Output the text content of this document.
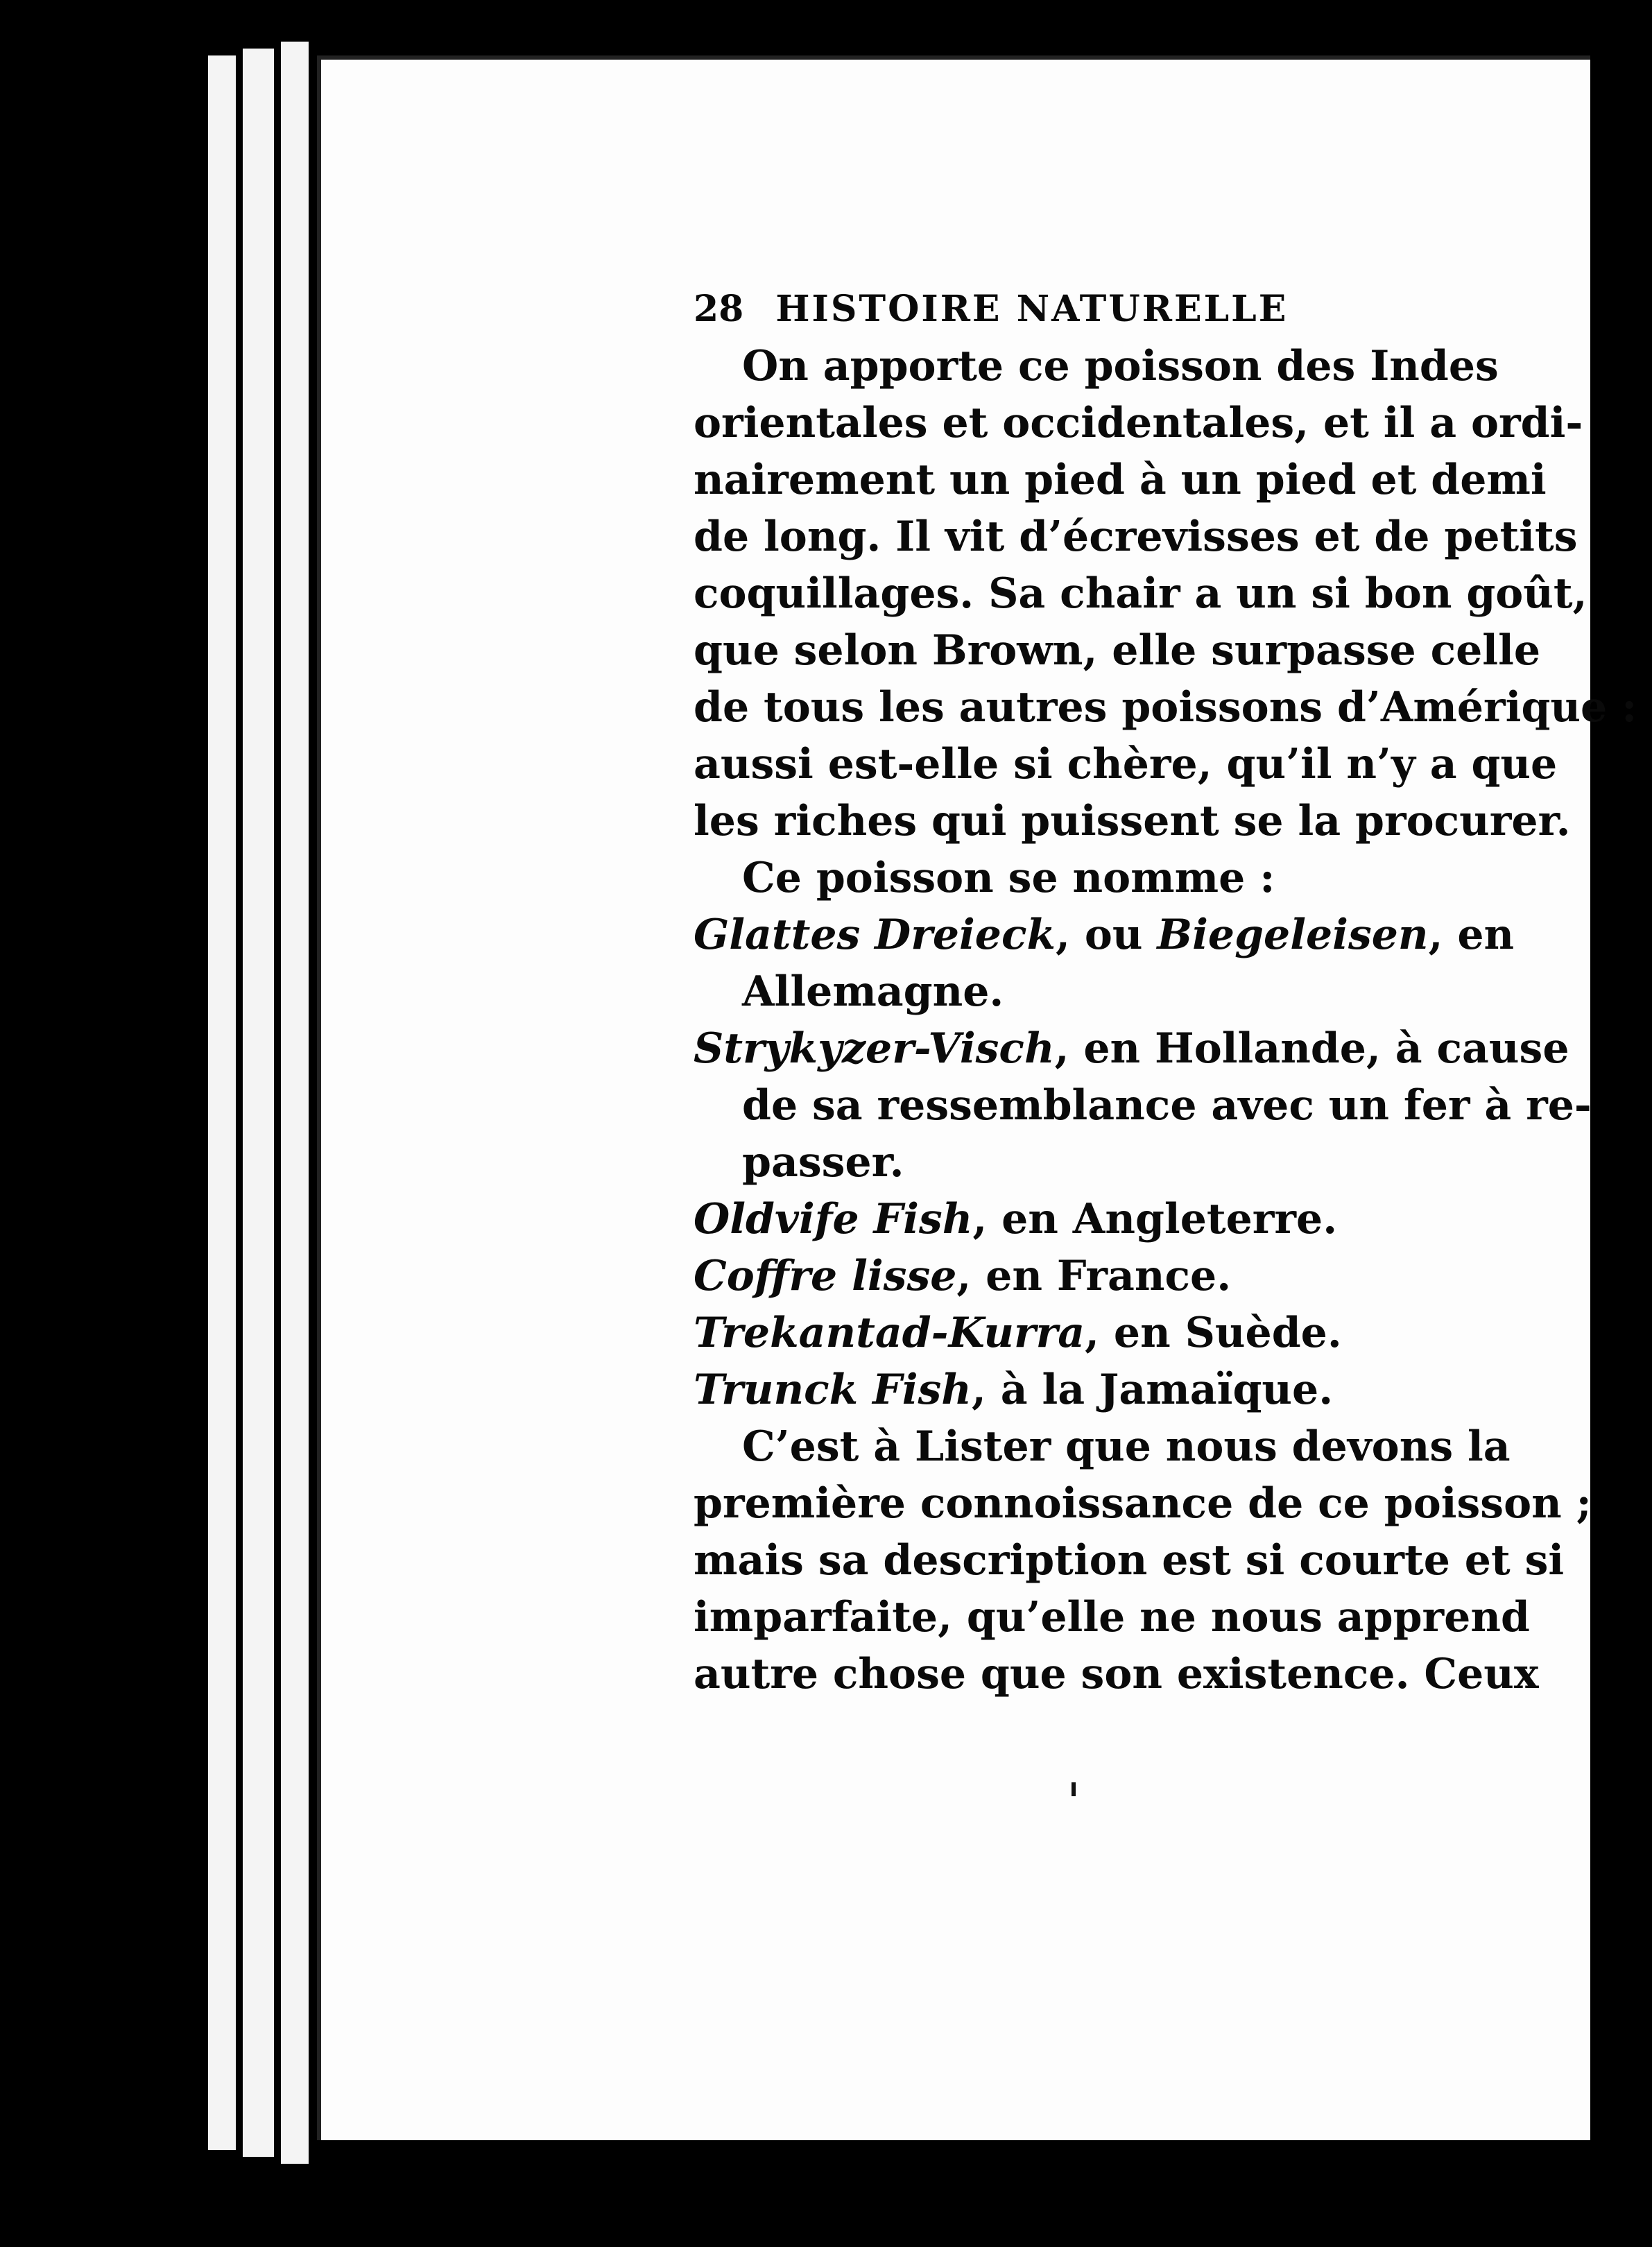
28 HISTOIRE NATURELLE
On apporte ce poisson des Indes
orientales et occidentales, et il a ordi-
nairement un pied à un pied et demi
de long. Il vit d’écrevisses et de petits
coquillages. Sa chair a un si bon goût,
que selon Brown, elle surpasse celle
de tous les autres poissons d’Amérique :
aussi est-elle si chère, qu’il n’y a que
les riches qui puissent se la procurer.
Ce poisson se nomme :
Glattes Dreieck ,
ou
Biegeleisen , en
Allemagne.
Strykyzer-Visch , en Hollande, à cause
de sa ressemblance avec un fer à re-
passer.
Oldvife Fish , en Angleterre.
Coffre lisse , en France.
Trekantad-Kurra , en Suède.
Trunck Fish , à la Jamaïque.
C’est à Lister que nous devons la
première connoissance de ce poisson ;
mais sa description est si courte et si
imparfaite, qu’elle ne nous apprend
autre chose que son existence. Ceux
